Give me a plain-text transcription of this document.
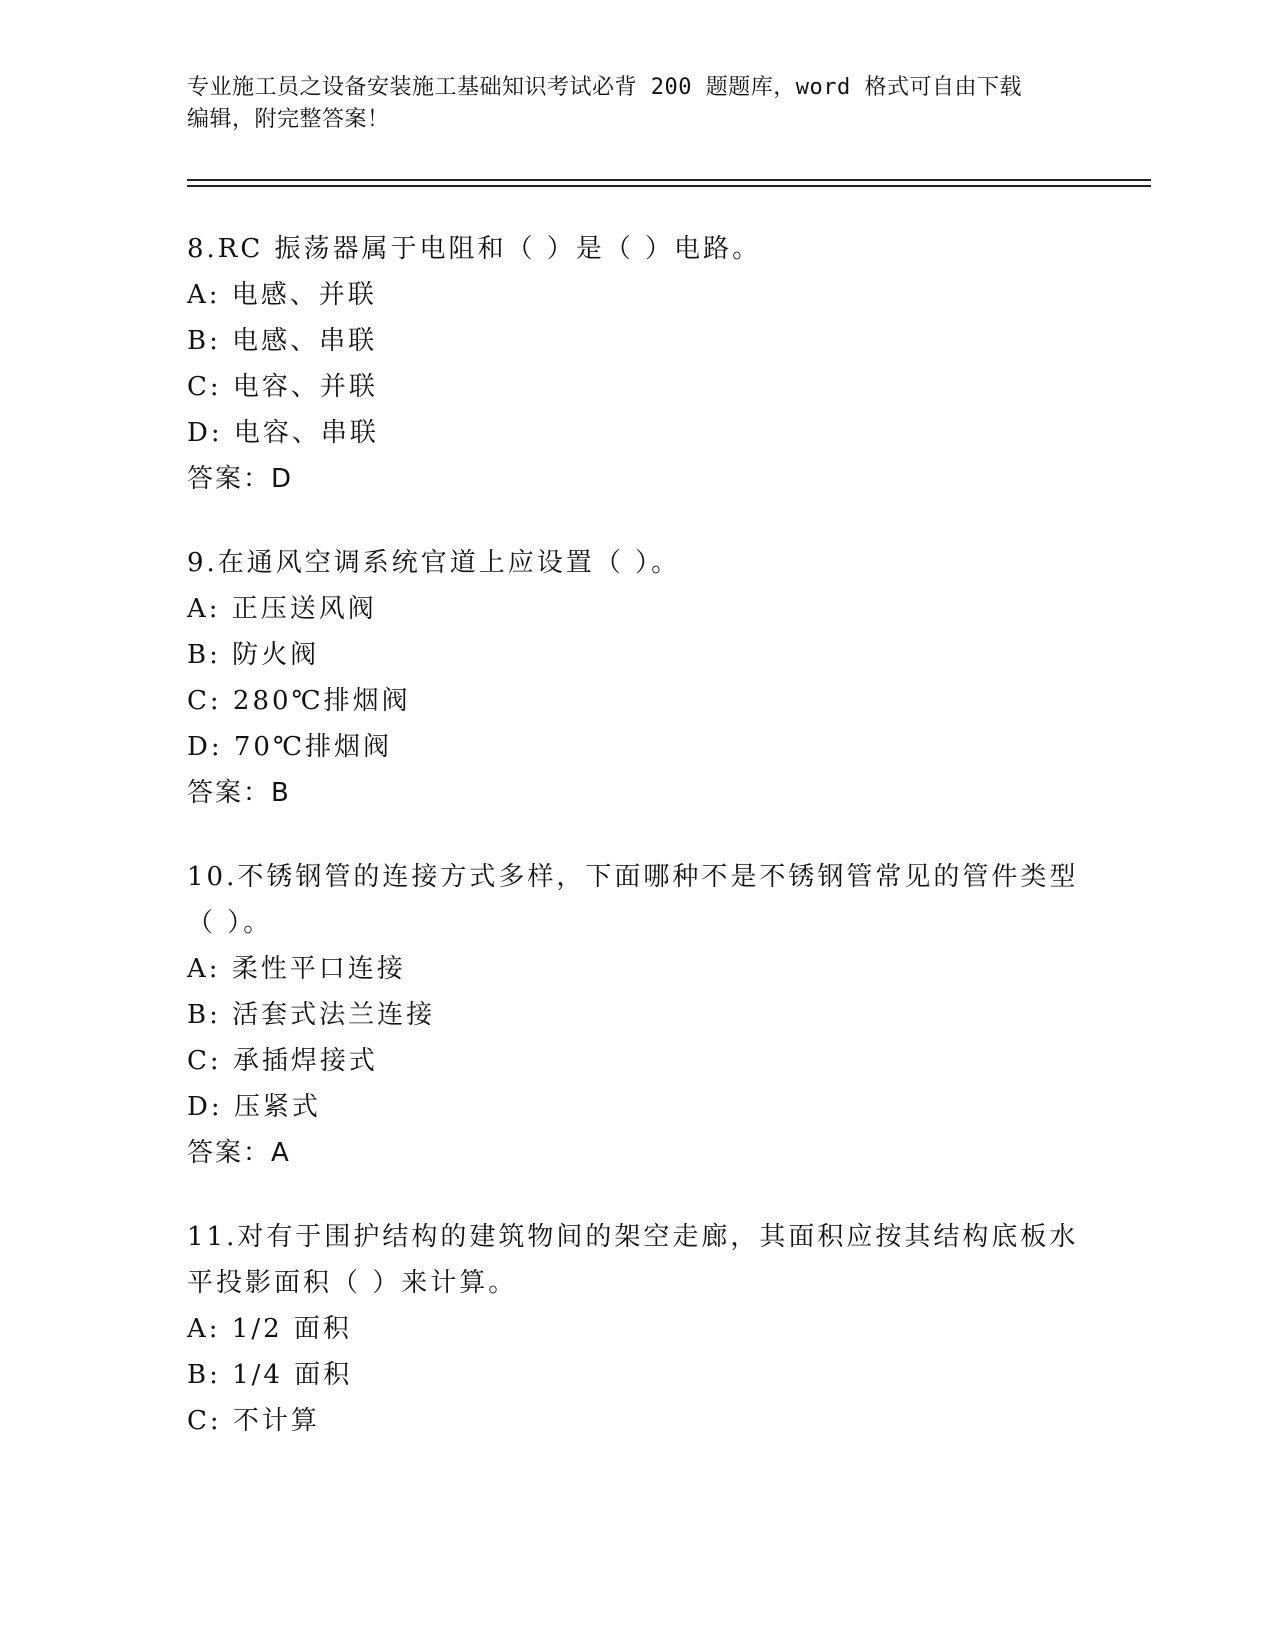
专业施工员之设备安装施工基础知识考试必背 200 题题库，word 格式可自由下载
编辑，附完整答案！
8.RC 振荡器属于电阻和（ ）是（ ）电路。
A: 电感、并联
B: 电感、串联
C: 电容、并联
D: 电容、串联
答案：D
9.在通风空调系统官道上应设置（ ）。
A: 正压送风阀
B: 防火阀
C: 280℃排烟阀
D: 70℃排烟阀
答案：B
10.不锈钢管的连接方式多样，下面哪种不是不锈钢管常见的管件类型
（ ）。
A: 柔性平口连接
B: 活套式法兰连接
C: 承插焊接式
D: 压紧式
答案：A
11.对有于围护结构的建筑物间的架空走廊，其面积应按其结构底板水
平投影面积（ ）来计算。
A: 1/2 面积
B: 1/4 面积
C: 不计算
